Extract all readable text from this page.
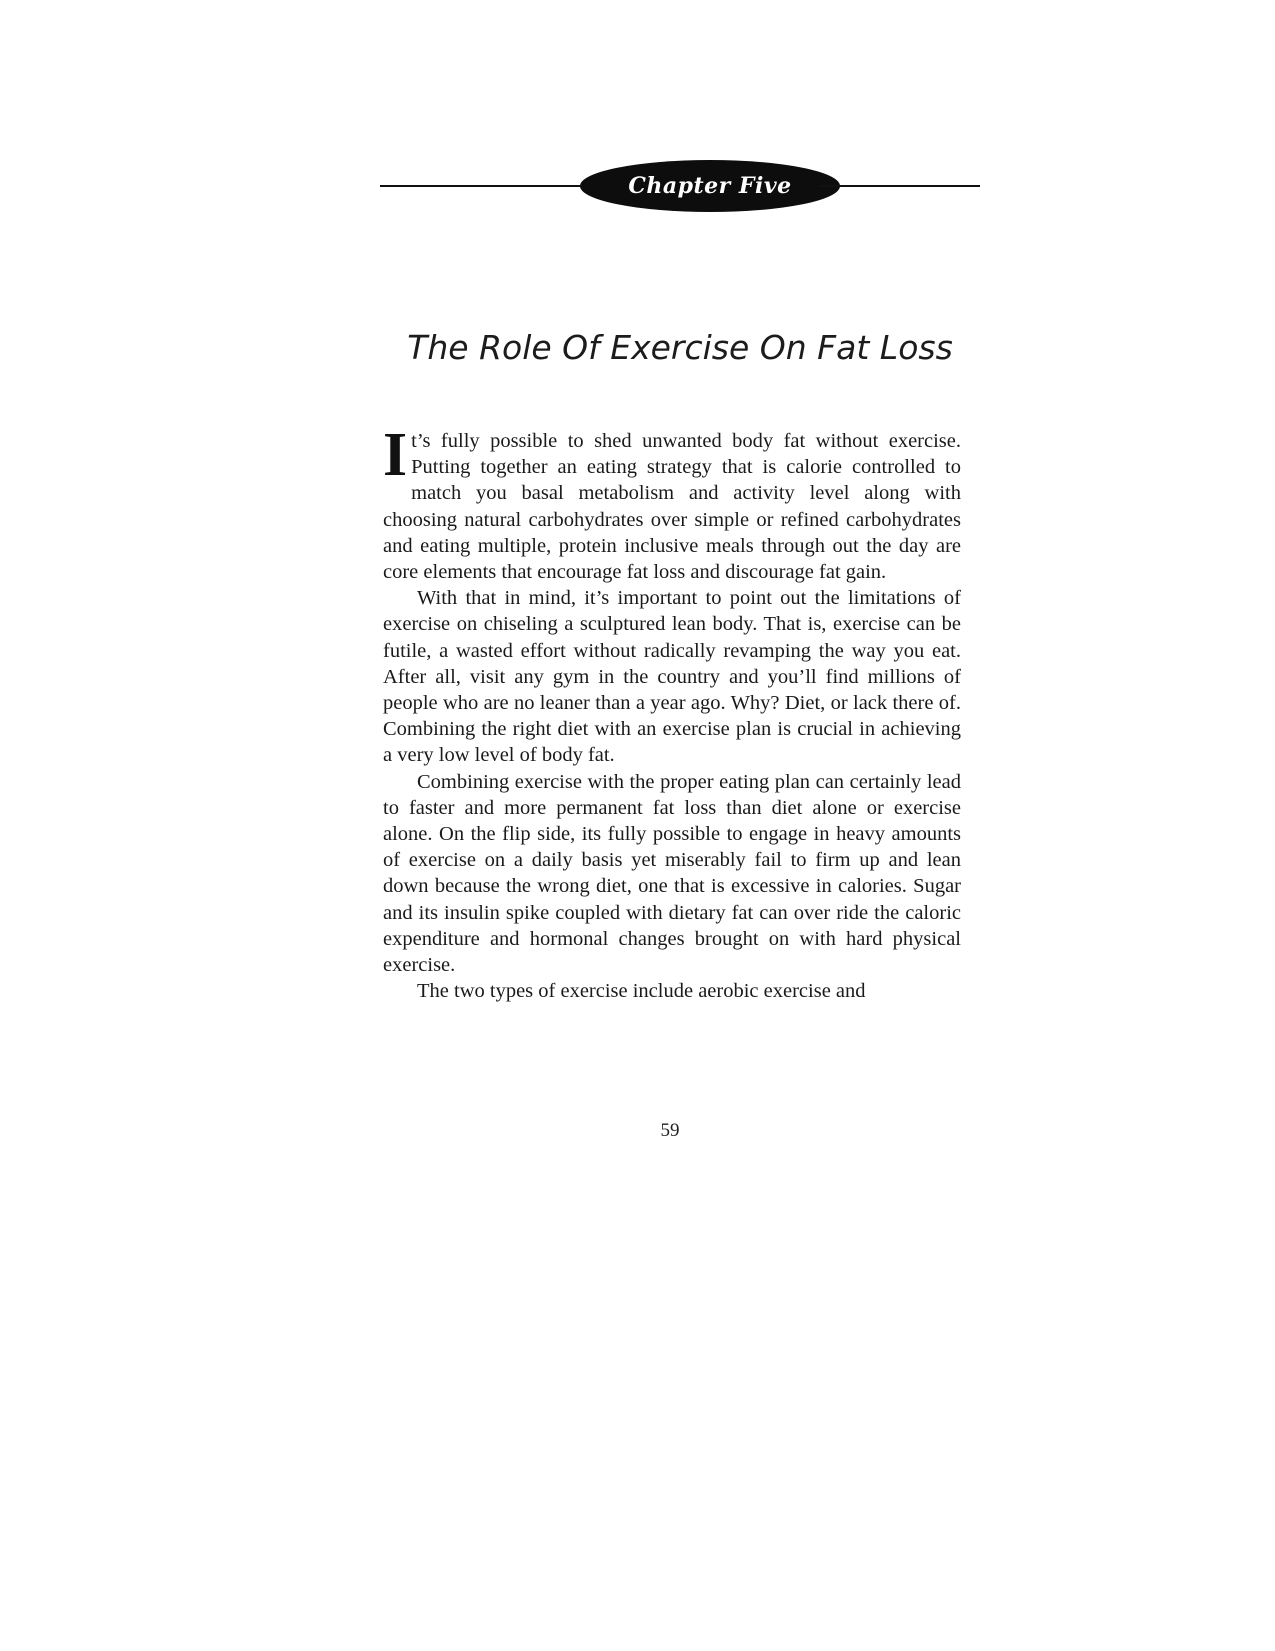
Chapter Five
The Role Of Exercise On Fat Loss

It’s fully possible to shed unwanted body fat without exercise. Putting together an eating strategy that is calorie controlled to match you basal metabolism and activity level along with choosing natural carbohydrates over simple or refined carbohydrates and eating multiple, protein inclusive meals through out the day are core elements that encourage fat loss and discourage fat gain.

With that in mind, it’s important to point out the limitations of exercise on chiseling a sculptured lean body. That is, exercise can be futile, a wasted effort without radically revamping the way you eat. After all, visit any gym in the country and you’ll find millions of people who are no leaner than a year ago. Why? Diet, or lack there of. Combining the right diet with an exercise plan is crucial in achieving a very low level of body fat.

Combining exercise with the proper eating plan can certainly lead to faster and more permanent fat loss than diet alone or exercise alone. On the flip side, its fully possible to engage in heavy amounts of exercise on a daily basis yet miserably fail to firm up and lean down because the wrong diet, one that is excessive in calories. Sugar and its insulin spike coupled with dietary fat can over ride the caloric expenditure and hormonal changes brought on with hard physical exercise.

The two types of exercise include aerobic exercise and

59
